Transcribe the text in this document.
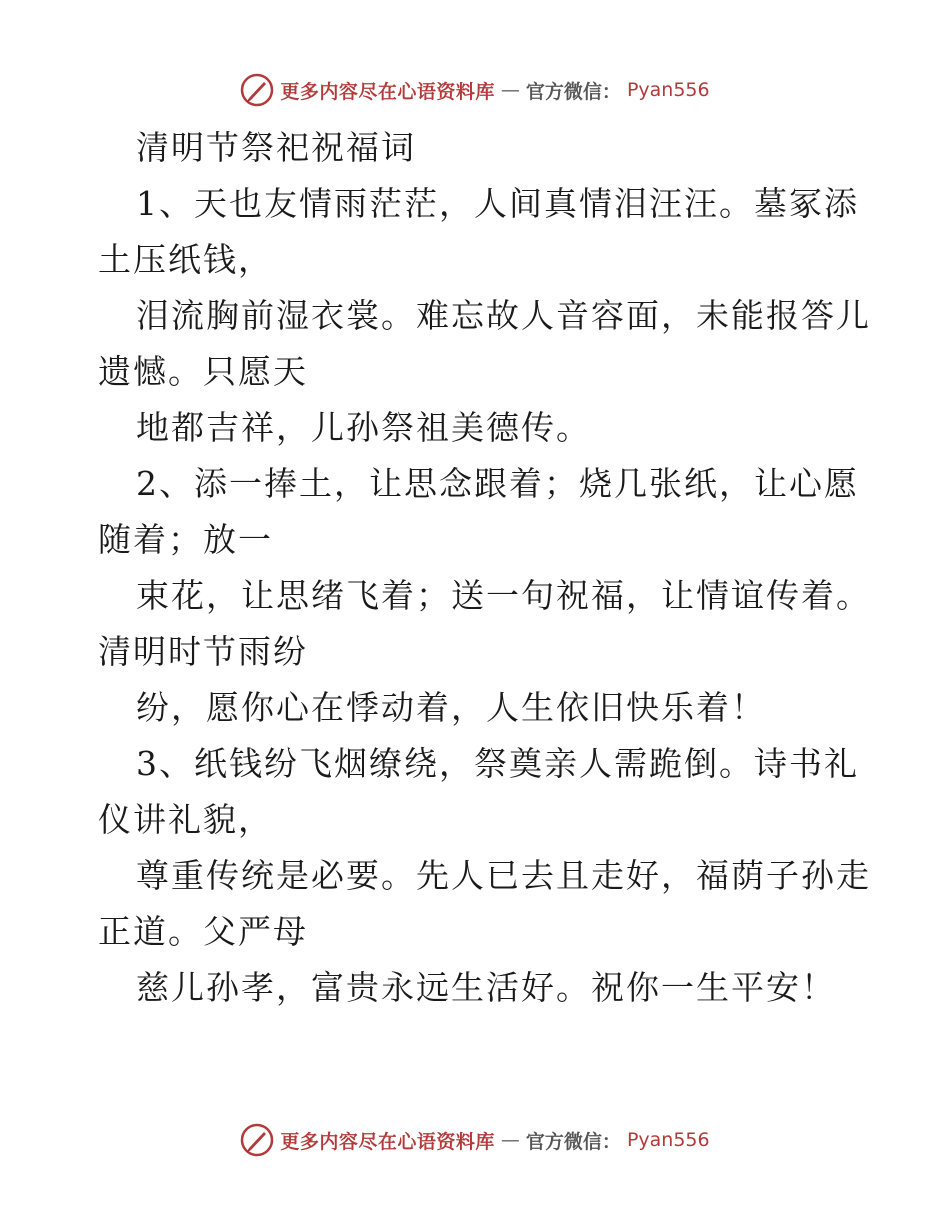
更多内容尽在心语资料库 — 官方微信： Pyan556
清明节祭祀祝福词
1、天也友情雨茫茫，人间真情泪汪汪。墓冢添
土压纸钱，
泪流胸前湿衣裳。难忘故人音容面，未能报答儿
遗憾。只愿天
地都吉祥，儿孙祭祖美德传。
2、添一捧土，让思念跟着；烧几张纸，让心愿
随着；放一
束花，让思绪飞着；送一句祝福，让情谊传着。
清明时节雨纷
纷，愿你心在悸动着，人生依旧快乐着！
3、纸钱纷飞烟缭绕，祭奠亲人需跪倒。诗书礼
仪讲礼貌，
尊重传统是必要。先人已去且走好，福荫子孙走
正道。父严母
慈儿孙孝，富贵永远生活好。祝你一生平安！
更多内容尽在心语资料库 — 官方微信： Pyan556
